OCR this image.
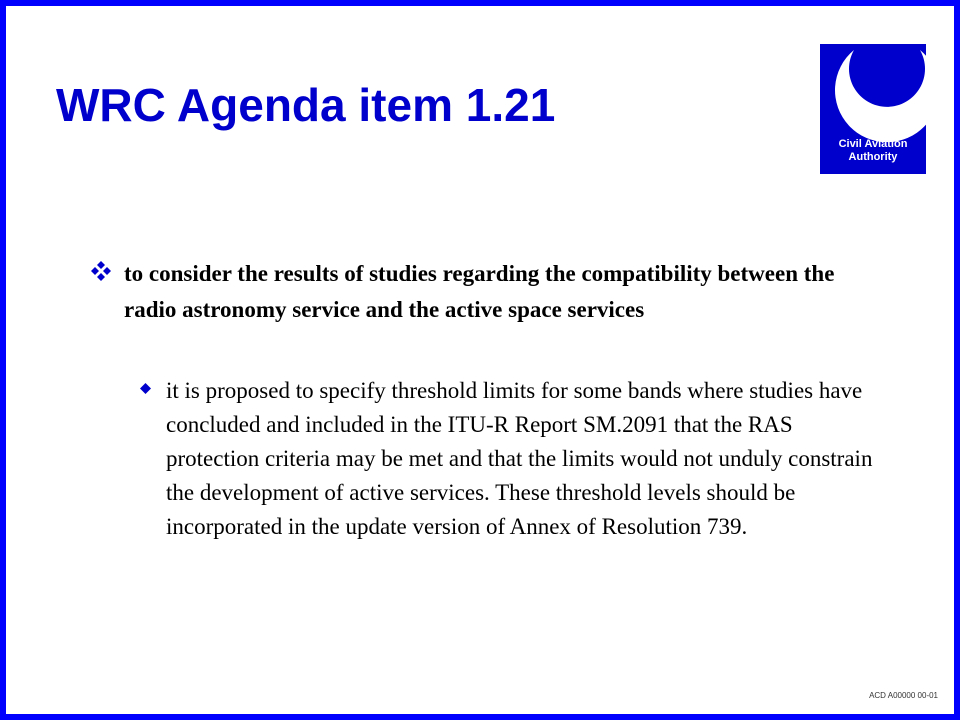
WRC Agenda item 1.21
Civil Aviation
Authority
to consider the results of studies regarding the compatibility between the radio astronomy service and the active space services
it is proposed to specify threshold limits for some bands where studies have concluded and included in the ITU-R Report SM.2091 that the RAS protection criteria may be met and that the limits would not unduly constrain the development of active services. These threshold levels should be incorporated in the update version of Annex of Resolution 739.
ACD A00000 00-01
